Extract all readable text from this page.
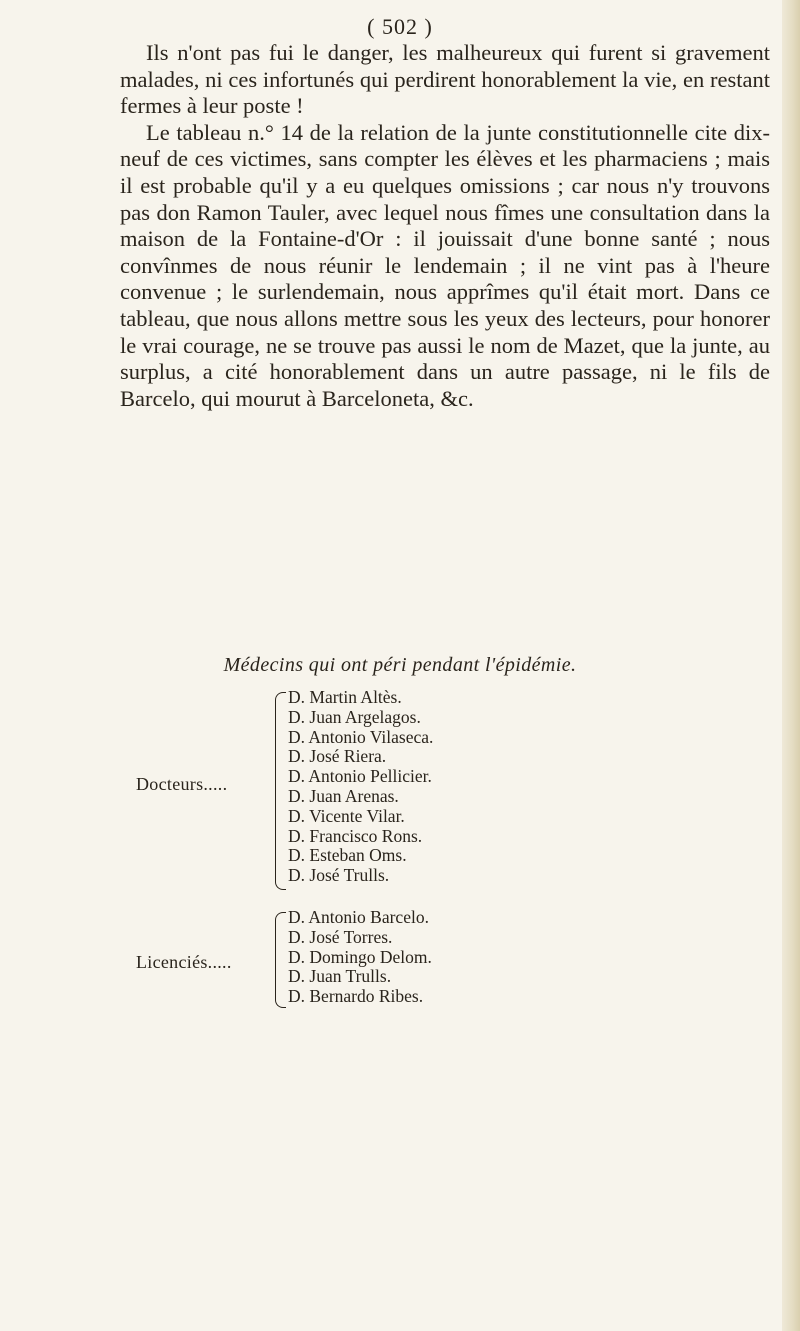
( 502 )

Ils n'ont pas fui le danger, les malheureux qui furent si gravement malades, ni ces infortunés qui perdirent honorablement la vie, en restant fermes à leur poste !

Le tableau n.° 14 de la relation de la junte constitutionnelle cite dix-neuf de ces victimes, sans compter les élèves et les pharmaciens ; mais il est probable qu'il y a eu quelques omissions ; car nous n'y trouvons pas don Ramon Tauler, avec lequel nous fîmes une consultation dans la maison de la Fontaine-d'Or : il jouissait d'une bonne santé ; nous convînmes de nous réunir le lendemain ; il ne vint pas à l'heure convenue ; le surlendemain, nous apprîmes qu'il était mort. Dans ce tableau, que nous allons mettre sous les yeux des lecteurs, pour honorer le vrai courage, ne se trouve pas aussi le nom de Mazet, que la junte, au surplus, a cité honorablement dans un autre passage, ni le fils de Barcelo, qui mourut à Barceloneta, &c.

Médecins qui ont péri pendant l'épidémie.
Docteurs.....
D. Martin Altès.
D. Juan Argelagos.
D. Antonio Vilaseca.
D. José Riera.
D. Antonio Pellicier.
D. Juan Arenas.
D. Vicente Vilar.
D. Francisco Rons.
D. Esteban Oms.
D. José Trulls.
Licenciés.....
D. Antonio Barcelo.
D. José Torres.
D. Domingo Delom.
D. Juan Trulls.
D. Bernardo Ribes.
